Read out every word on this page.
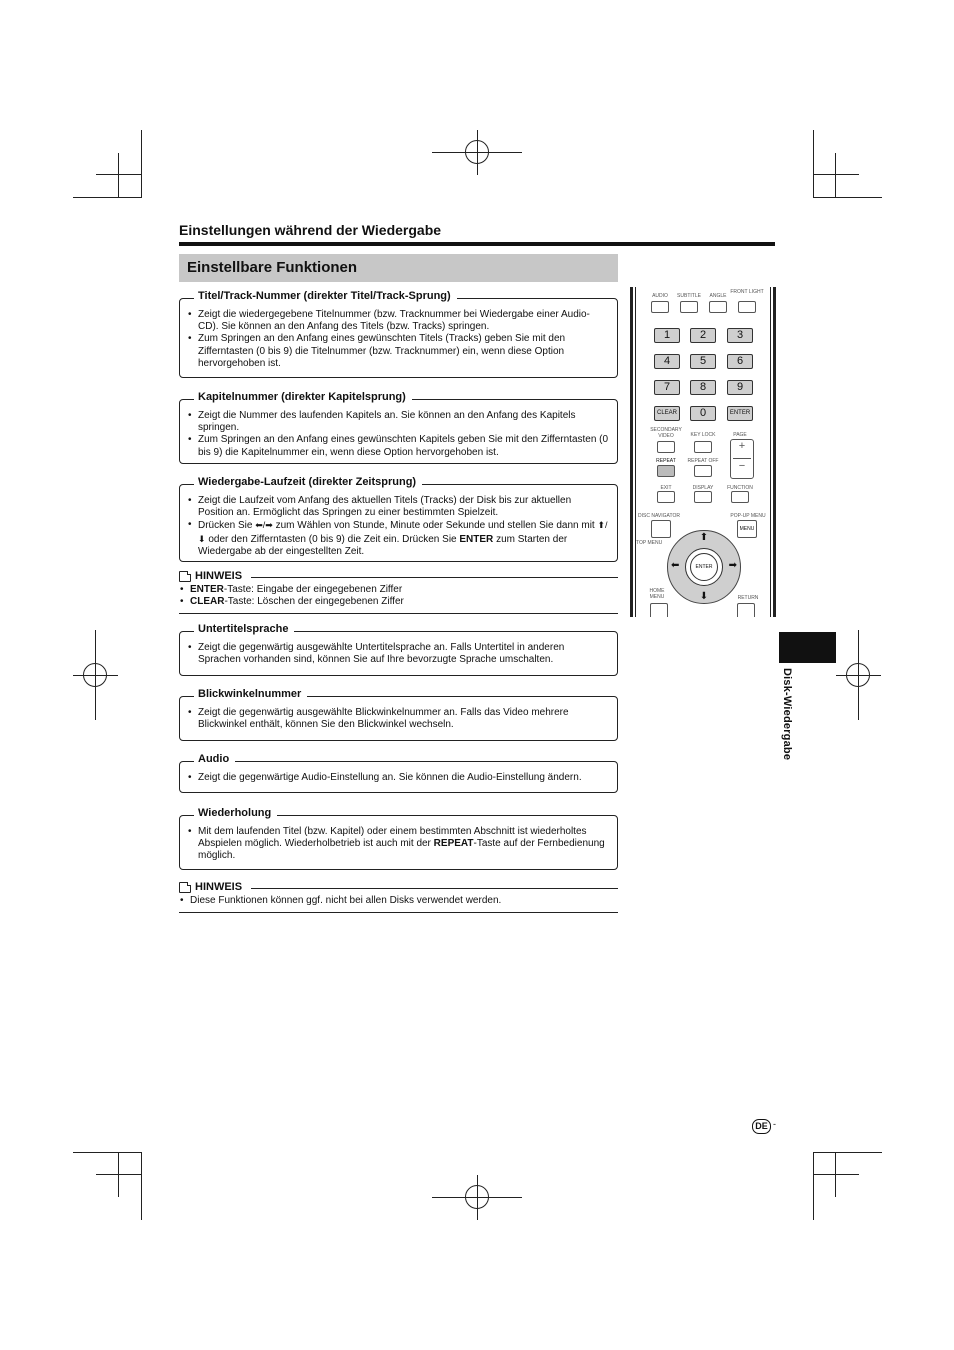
Einstellungen während der Wiedergabe
Einstellbare Funktionen
Titel/Track-Nummer (direkter Titel/Track-Sprung)
• Zeigt die wiedergegebene Titelnummer (bzw. Tracknummer bei Wiedergabe einer Audio-CD). Sie können an den Anfang des Titels (bzw. Tracks) springen.
• Zum Springen an den Anfang eines gewünschten Titels (Tracks) geben Sie mit den Zifferntasten (0 bis 9) die Titelnummer (bzw. Tracknummer) ein, wenn diese Option hervorgehoben ist.
Kapitelnummer (direkter Kapitelsprung)
• Zeigt die Nummer des laufenden Kapitels an. Sie können an den Anfang des Kapitels springen.
• Zum Springen an den Anfang eines gewünschten Kapitels geben Sie mit den Zifferntasten (0 bis 9) die Kapitelnummer ein, wenn diese Option hervorgehoben ist.
Wiedergabe-Laufzeit (direkter Zeitsprung)
• Zeigt die Laufzeit vom Anfang des aktuellen Titels (Tracks) der Disk bis zur aktuellen Position an. Ermöglicht das Springen zu einer bestimmten Spielzeit.
• Drücken Sie ⬅/➡ zum Wählen von Stunde, Minute oder Sekunde und stellen Sie dann mit ⬆/⬇ oder den Zifferntasten (0 bis 9) die Zeit ein. Drücken Sie ENTER zum Starten der Wiedergabe ab der eingestellten Zeit.
HINWEIS
• ENTER-Taste: Eingabe der eingegebenen Ziffer
• CLEAR-Taste: Löschen der eingegebenen Ziffer
Untertitelsprache
• Zeigt die gegenwärtig ausgewählte Untertitelsprache an. Falls Untertitel in anderen Sprachen vorhanden sind, können Sie auf Ihre bevorzugte Sprache umschalten.
Blickwinkelnummer
• Zeigt die gegenwärtig ausgewählte Blickwinkelnummer an. Falls das Video mehrere Blickwinkel enthält, können Sie den Blickwinkel wechseln.
Audio
• Zeigt die gegenwärtige Audio-Einstellung an. Sie können die Audio-Einstellung ändern.
Wiederholung
• Mit dem laufenden Titel (bzw. Kapitel) oder einem bestimmten Abschnitt ist wiederholtes Abspielen möglich. Wiederholbetrieb ist auch mit der REPEAT-Taste auf der Fernbedienung möglich.
HINWEIS
• Diese Funktionen können ggf. nicht bei allen Disks verwendet werden.
AUDIO	SUBTITLE	ANGLE
FRONT LIGHT
1	2	3
4	5	6
7	8	9
CLEAR	0	ENTER
SECONDARY VIDEO	KEY LOCK	PAGE
+
−
REPEAT	REPEAT OFF
EXIT	DISPLAY	FUNCTION
DISC NAVIGATOR	POP-UP MENU
MENU
TOP MENU	⬆
⬇
⬅	➡
ENTER
HOME MENU	RETURN
Disk-Wiedergabe
DE -
